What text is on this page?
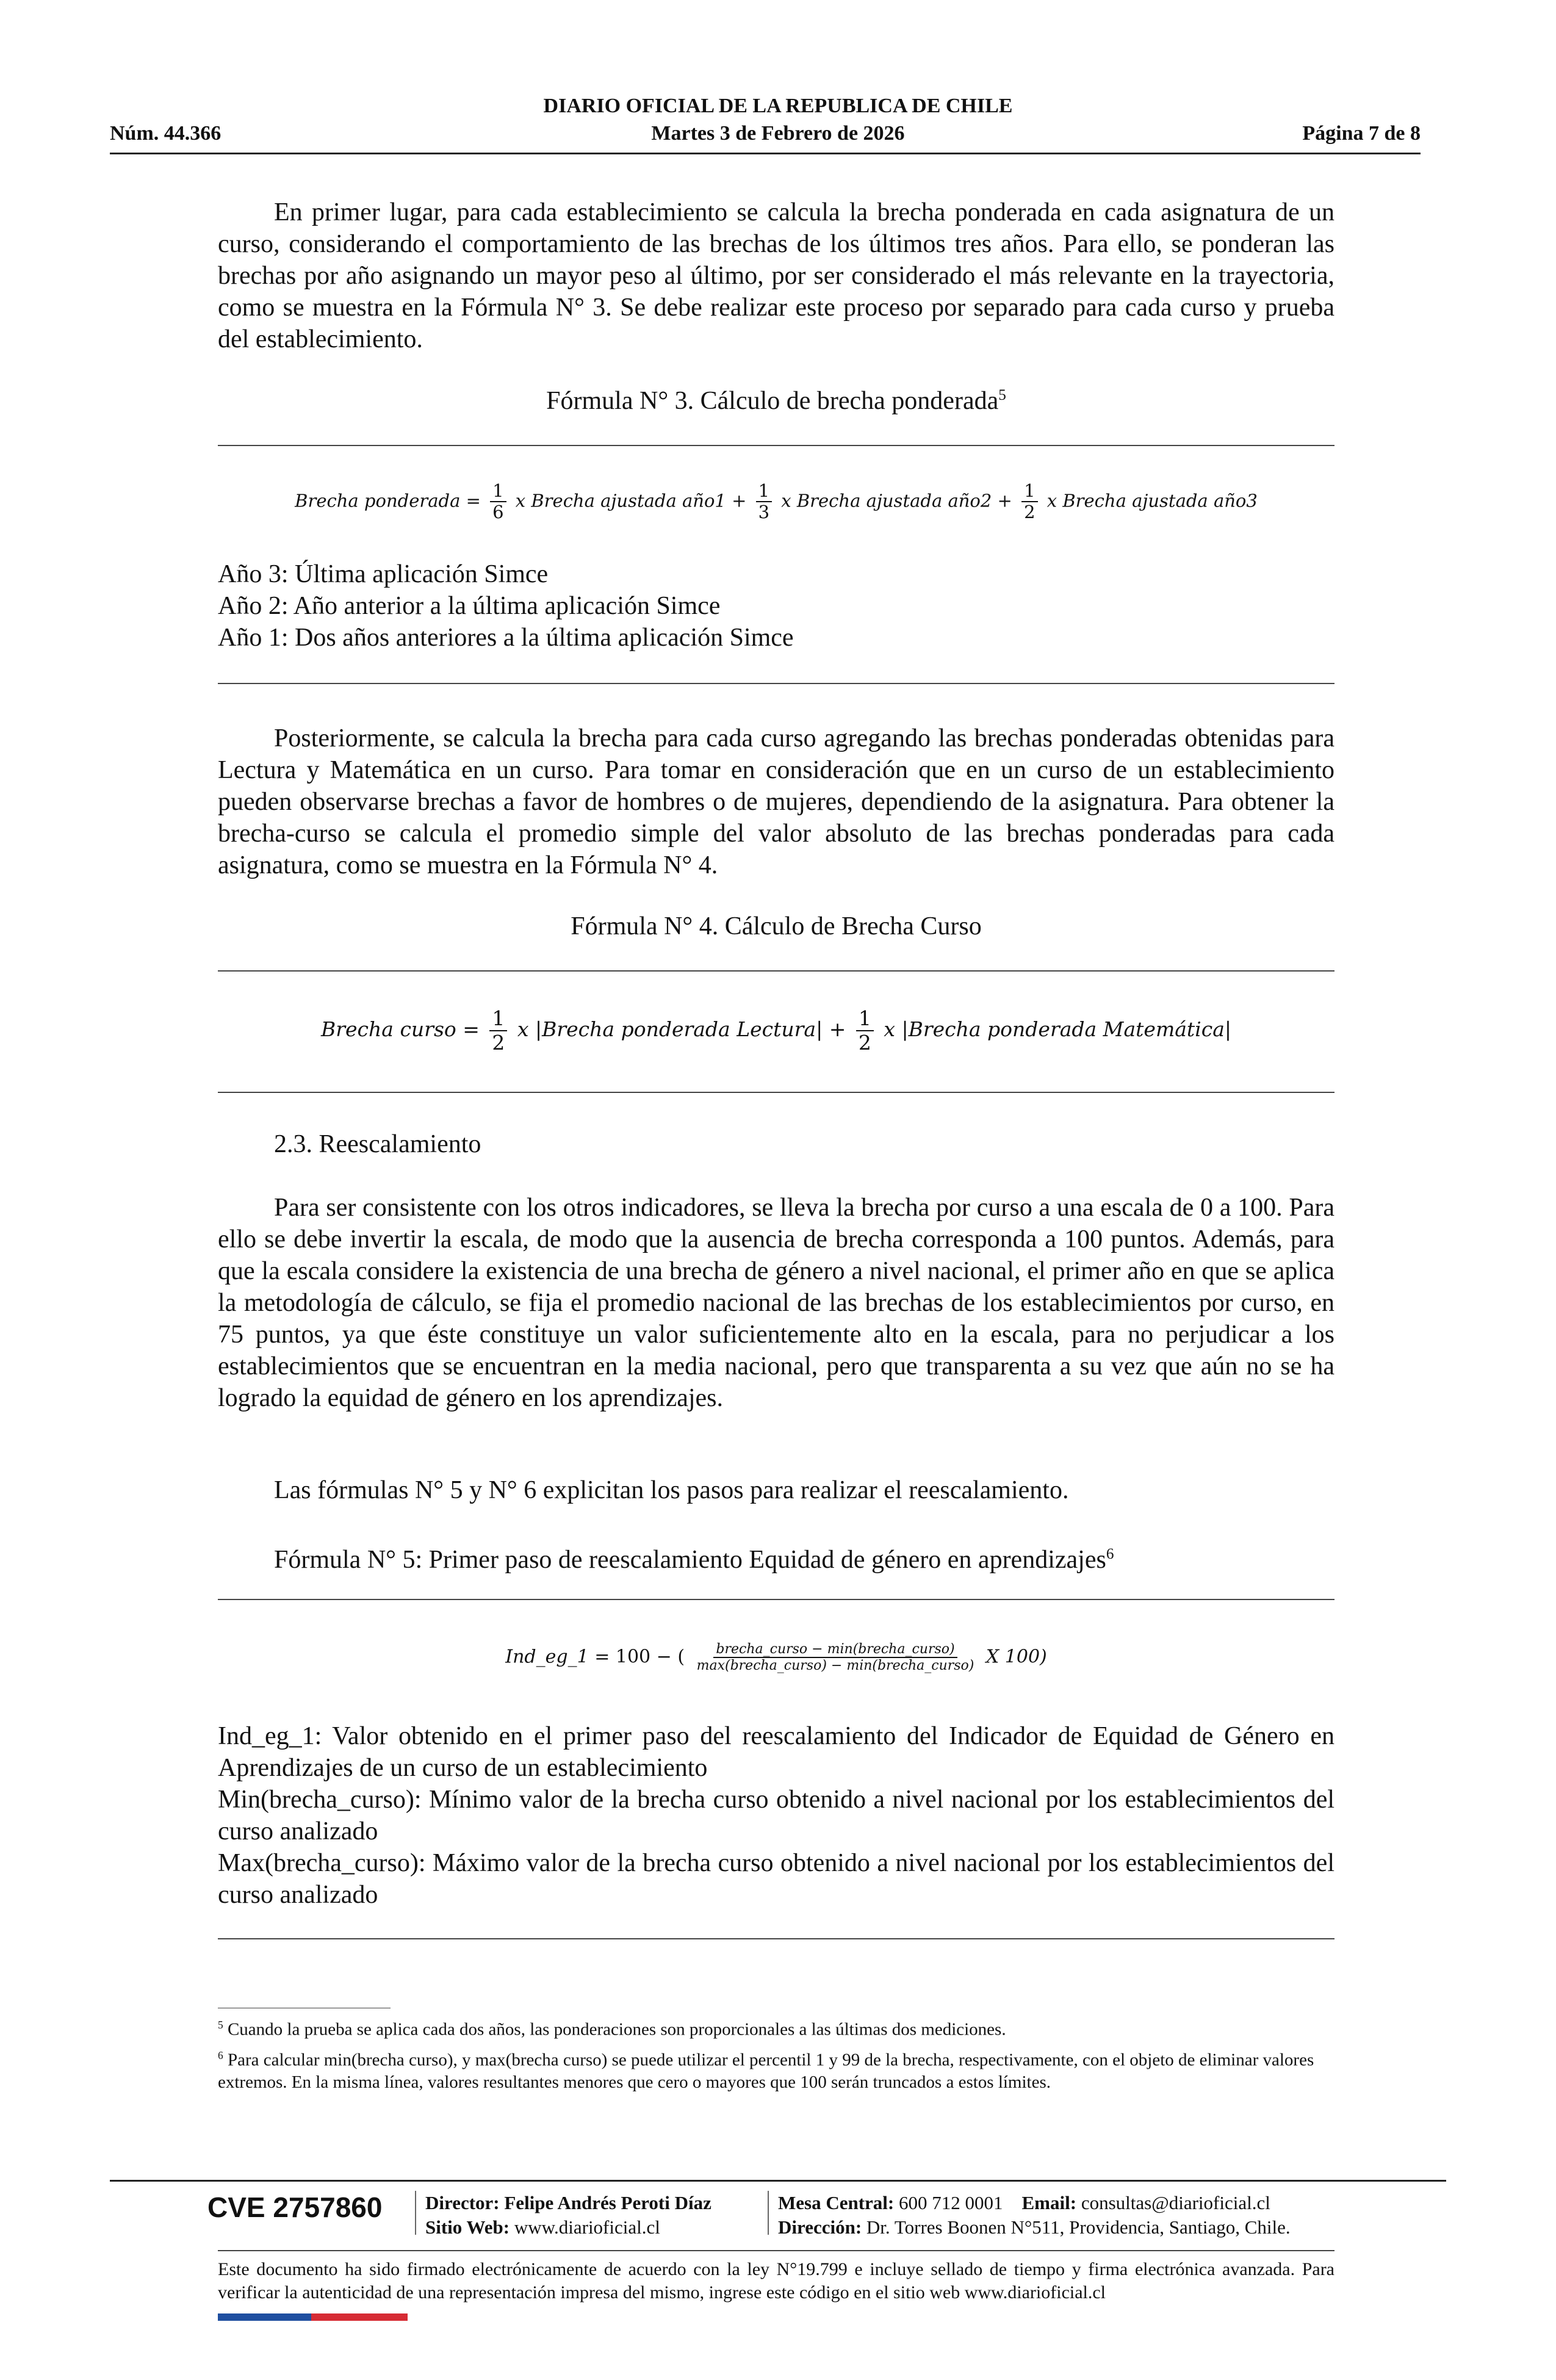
DIARIO OFICIAL DE LA REPUBLICA DE CHILE
Núm. 44.366	Martes 3 de Febrero de 2026	Página 7 de 8

En primer lugar, para cada establecimiento se calcula la brecha ponderada en cada asignatura de un curso, considerando el comportamiento de las brechas de los últimos tres años. Para ello, se ponderan las brechas por año asignando un mayor peso al último, por ser considerado el más relevante en la trayectoria, como se muestra en la Fórmula N° 3. Se debe realizar este proceso por separado para cada curso y prueba del establecimiento.

Fórmula N° 3. Cálculo de brecha ponderada$^5$
Brecha ponderada = $\frac{1}{6}$ x Brecha ajustada año1 + $\frac{1}{3}$ x Brecha ajustada año2 + $\frac{1}{2}$ x Brecha ajustada año3
Año 3: Última aplicación Simce
Año 2: Año anterior a la última aplicación Simce
Año 1: Dos años anteriores a la última aplicación Simce

Posteriormente, se calcula la brecha para cada curso agregando las brechas ponderadas obtenidas para Lectura y Matemática en un curso. Para tomar en consideración que en un curso de un establecimiento pueden observarse brechas a favor de hombres o de mujeres, dependiendo de la asignatura. Para obtener la brecha-curso se calcula el promedio simple del valor absoluto de las brechas ponderadas para cada asignatura, como se muestra en la Fórmula N° 4.

Fórmula N° 4. Cálculo de Brecha Curso
Brecha curso = $\frac{1}{2}$ x |Brecha ponderada Lectura| + $\frac{1}{2}$ x |Brecha ponderada Matemática|
2.3. Reescalamiento

Para ser consistente con los otros indicadores, se lleva la brecha por curso a una escala de 0 a 100. Para ello se debe invertir la escala, de modo que la ausencia de brecha corresponda a 100 puntos. Además, para que la escala considere la existencia de una brecha de género a nivel nacional, el primer año en que se aplica la metodología de cálculo, se fija el promedio nacional de las brechas de los establecimientos por curso, en 75 puntos, ya que éste constituye un valor suficientemente alto en la escala, para no perjudicar a los establecimientos que se encuentran en la media nacional, pero que transparenta a su vez que aún no se ha logrado la equidad de género en los aprendizajes.

Las fórmulas N° 5 y N° 6 explicitan los pasos para realizar el reescalamiento.
Fórmula N° 5: Primer paso de reescalamiento Equidad de género en aprendizajes$^6$
Ind_eg_1 = 100 − ( $\frac{\text{brecha\_curso − min(brecha\_curso)}}{\text{max(brecha\_curso) − min(brecha\_curso)}}$ X 100)

Ind_eg_1: Valor obtenido en el primer paso del reescalamiento del Indicador de Equidad de Género en Aprendizajes de un curso de un establecimiento

Min(brecha_curso): Mínimo valor de la brecha curso obtenido a nivel nacional por los establecimientos del curso analizado

Max(brecha_curso): Máximo valor de la brecha curso obtenido a nivel nacional por los establecimientos del curso analizado

$^5$ Cuando la prueba se aplica cada dos años, las ponderaciones son proporcionales a las últimas dos mediciones.

$^6$ Para calcular min(brecha curso), y max(brecha curso) se puede utilizar el percentil 1 y 99 de la brecha, respectivamente, con el objeto de eliminar valores extremos. En la misma línea, valores resultantes menores que cero o mayores que 100 serán truncados a estos límites.

CVE 2757860 Director: Felipe Andrés Peroti Díaz
Sitio Web: www.diarioficial.cl
Mesa Central: 600 712 0001 Email: consultas@diarioficial.cl
Dirección: Dr. Torres Boonen N°511, Providencia, Santiago, Chile.

Este documento ha sido firmado electrónicamente de acuerdo con la ley N°19.799 e incluye sellado de tiempo y firma electrónica avanzada. Para verificar la autenticidad de una representación impresa del mismo, ingrese este código en el sitio web www.diarioficial.cl
